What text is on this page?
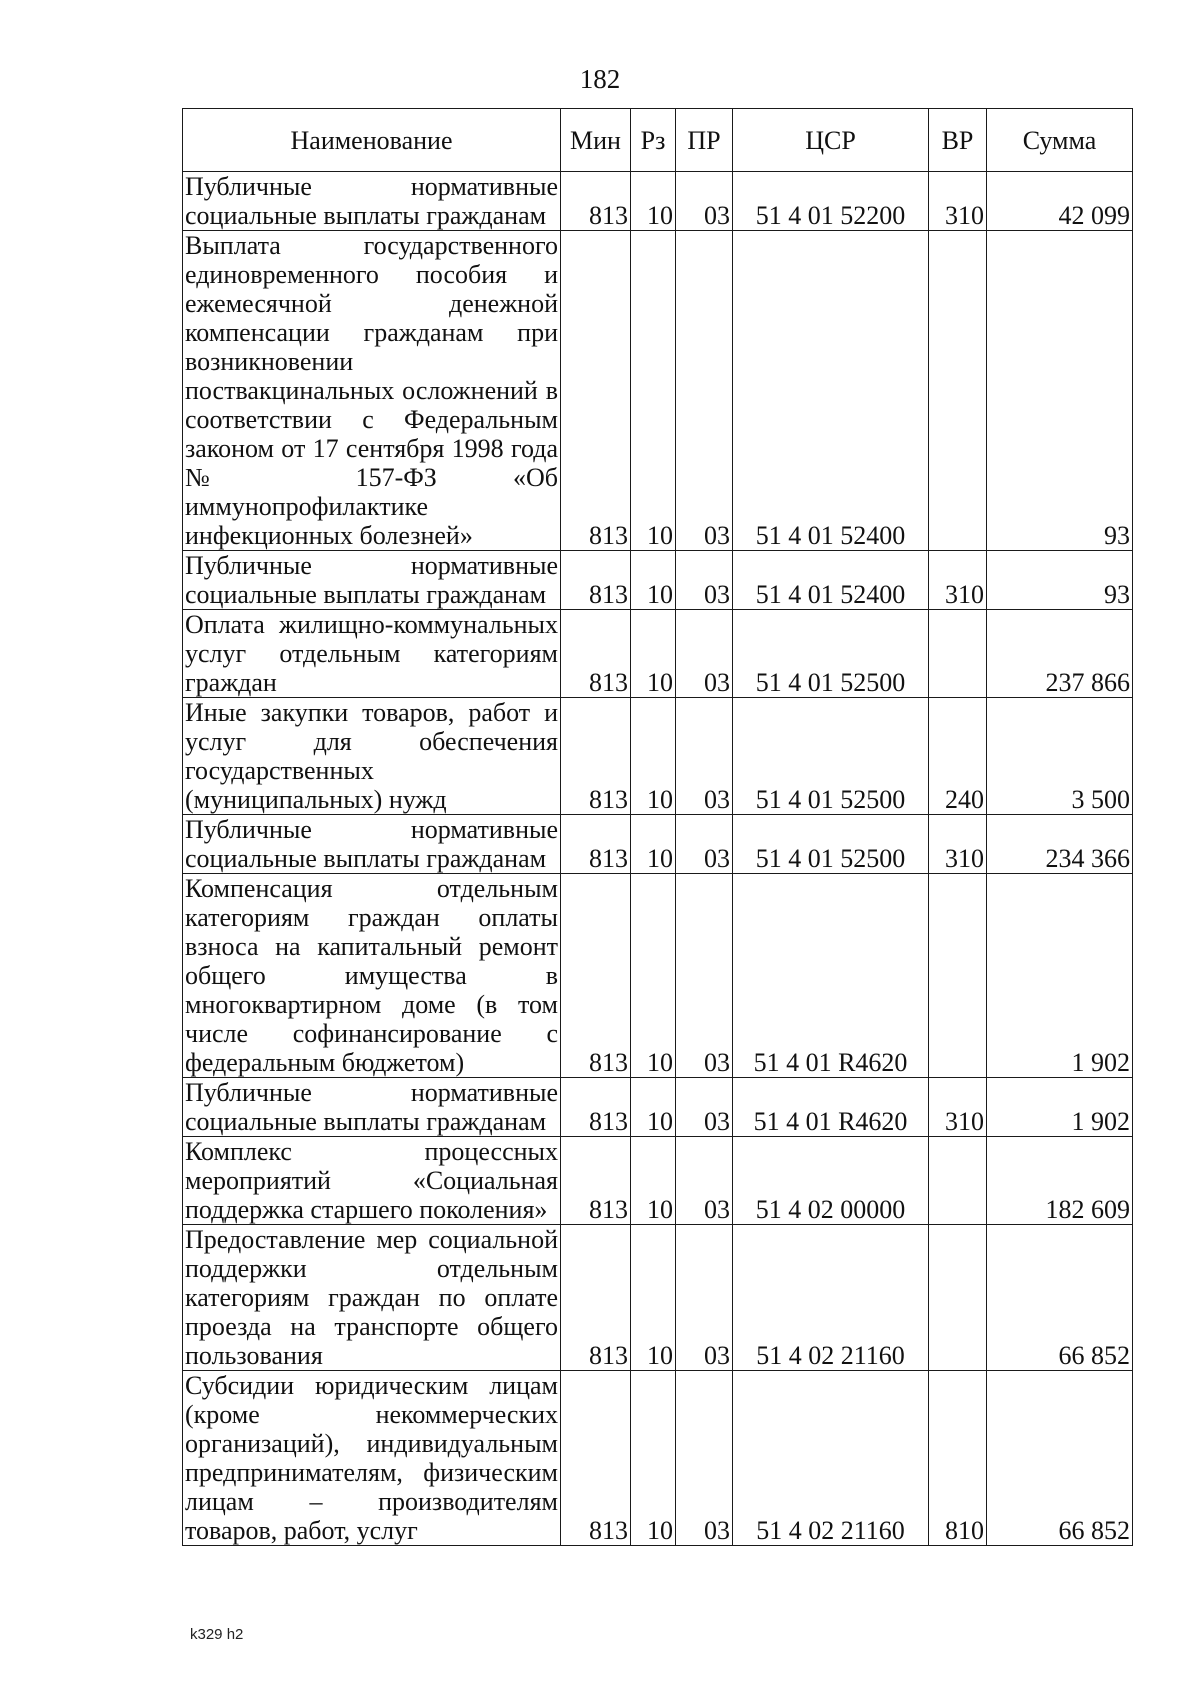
182
Наименование	Мин	Рз	ПР	ЦСР	ВР	Сумма
Публичные нормативные социальные выплаты гражданам	813	10	03	51 4 01 52200	310	42 099
Выплата государственного единовременного пособия и ежемесячной денежной компенсации гражданам при возникновении поствакцинальных осложнений в соответствии с Федеральным законом от 17 сентября 1998 года № 157-ФЗ «Об иммунопрофилактике инфекционных болезней»	813	10	03	51 4 01 52400		93
Публичные нормативные социальные выплаты гражданам	813	10	03	51 4 01 52400	310	93
Оплата жилищно-коммунальных услуг отдельным категориям граждан	813	10	03	51 4 01 52500		237 866
Иные закупки товаров, работ и услуг для обеспечения государственных (муниципальных) нужд	813	10	03	51 4 01 52500	240	3 500
Публичные нормативные социальные выплаты гражданам	813	10	03	51 4 01 52500	310	234 366
Компенсация отдельным категориям граждан оплаты взноса на капитальный ремонт общего имущества в многоквартирном доме (в том числе софинансирование с федеральным бюджетом)	813	10	03	51 4 01 R4620		1 902
Публичные нормативные социальные выплаты гражданам	813	10	03	51 4 01 R4620	310	1 902
Комплекс процессных мероприятий «Социальная поддержка старшего поколения»	813	10	03	51 4 02 00000		182 609
Предоставление мер социальной поддержки отдельным категориям граждан по оплате проезда на транспорте общего пользования	813	10	03	51 4 02 21160		66 852
Субсидии юридическим лицам (кроме некоммерческих организаций), индивидуальным предпринимателям, физическим лицам – производителям товаров, работ, услуг	813	10	03	51 4 02 21160	810	66 852
k329 h2
